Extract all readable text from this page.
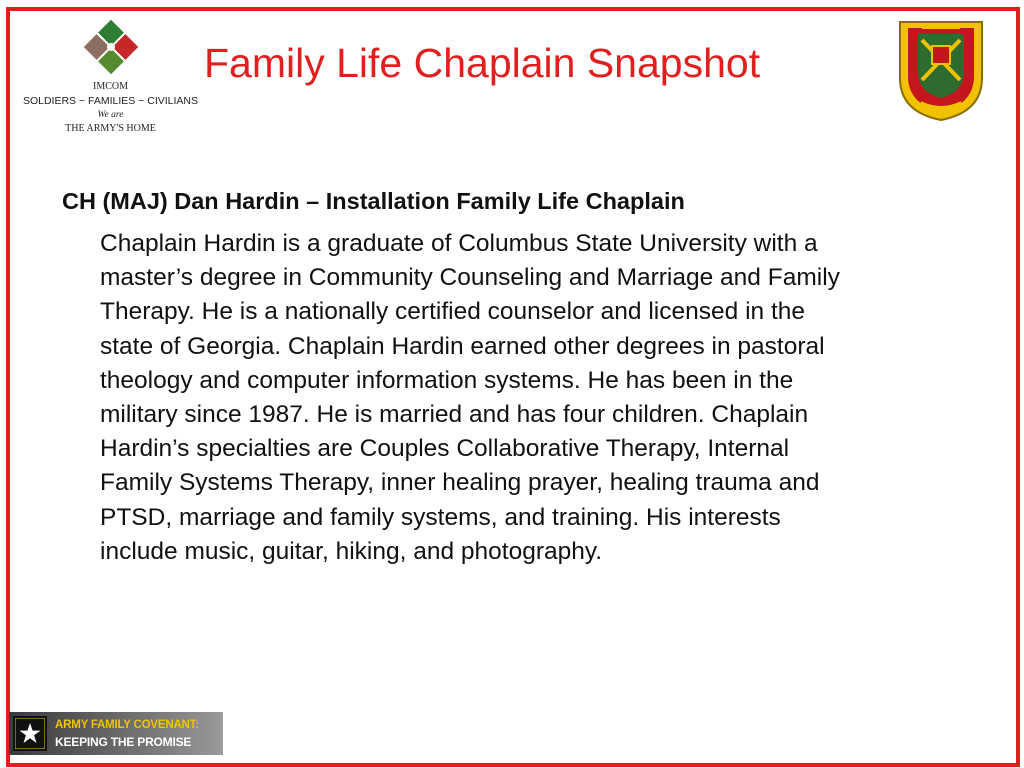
IMCOM
SOLDIERS ~ FAMILIES ~ CIVILIANS
We are
THE ARMY'S HOME
Family Life Chaplain Snapshot
CH (MAJ) Dan Hardin – Installation Family Life Chaplain
Chaplain Hardin is a graduate of Columbus State University with a
master’s degree in Community Counseling and Marriage and Family
Therapy. He is a nationally certified counselor and licensed in the
state of Georgia. Chaplain Hardin earned other degrees in pastoral
theology and computer information systems. He has been in the
military since 1987. He is married and has four children. Chaplain
Hardin’s specialties are Couples Collaborative Therapy, Internal
Family Systems Therapy, inner healing prayer, healing trauma and
PTSD, marriage and family systems, and training. His interests
include music, guitar, hiking, and photography.
ARMY FAMILY COVENANT:
KEEPING THE PROMISE
